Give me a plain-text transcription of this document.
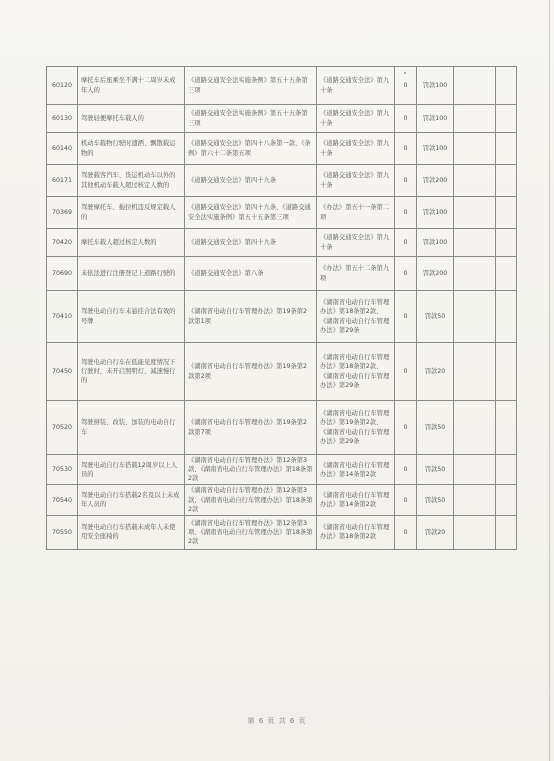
60120	摩托车后座乘坐不满十二周岁未成年人的	《道路交通安全法实施条例》第五十五条第三项	《道路交通安全法》第九十条	0	罚款100		
60130	驾驶轻便摩托车载人的	《道路交通安全法实施条例》第五十五条第三项	《道路交通安全法》第九十条	0	罚款100		
60140	机动车载物行驶时遗洒、飘散载运物的	《道路交通安全法》第四十八条第一款、《条例》第六十二条第五项	《道路交通安全法》第九十条	0	罚款100		
60171	驾驶载客汽车、货运机动车以外的其他机动车载人超过核定人数的	《道路交通安全法》第四十九条	《道路交通安全法》第九十条	0	罚款200		
70369	驾驶摩托车、拖拉机违反规定载人的	《道路交通安全法》第四十九条、《道路交通安全法实施条例》第五十五条第三项	《办法》第五十一条第二项	0	罚款100		
70420	摩托车载人超过核定人数的	《道路交通安全法》第四十九条	《道路交通安全法》第九十条	0	罚款100		
70690	未依法进行注册登记上道路行驶的	《道路交通安全法》第八条	《办法》第五十二条第九项	0	罚款200		
70410	驾驶电动自行车未悬挂合法有效的号牌	《湖南省电动自行车管理办法》第19条第2款第1项	《湖南省电动自行车管理办法》第18条第2款、《湖南省电动自行车管理办法》第29条	0	罚款50		
70450	驾驶电动自行车在低能见度情况下行驶时，未开启照明灯、减速慢行的	《湖南省电动自行车管理办法》第19条第2款第2项	《湖南省电动自行车管理办法》第18条第2款、《湖南省电动自行车管理办法》第29条	0	罚款20		
70520	驾驶拼装、改装、加装的电动自行车	《湖南省电动自行车管理办法》第19条第2款第7项	《湖南省电动自行车管理办法》第19条第2款、《湖南省电动自行车管理办法》第29条	0	罚款50		
70530	驾驶电动自行车搭载12周岁以上人员的	《湖南省电动自行车管理办法》第12条第3款、《湖南省电动自行车管理办法》第18条第2款	《湖南省电动自行车管理办法》第14条第2款	0	罚款50		
70540	驾驶电动自行车搭载2名及以上未成年人员的	《湖南省电动自行车管理办法》第12条第3款、《湖南省电动自行车管理办法》第18条第2款	《湖南省电动自行车管理办法》第14条第2款	0	罚款50		
70550	驾驶电动自行车搭载未成年人未使用安全座椅的	《湖南省电动自行车管理办法》第12条第3项、《湖南省电动自行车管理办法》第18条第2款	《湖南省电动自行车管理办法》第18条第2款	0	罚款20		
第 6 页 共 6 页
